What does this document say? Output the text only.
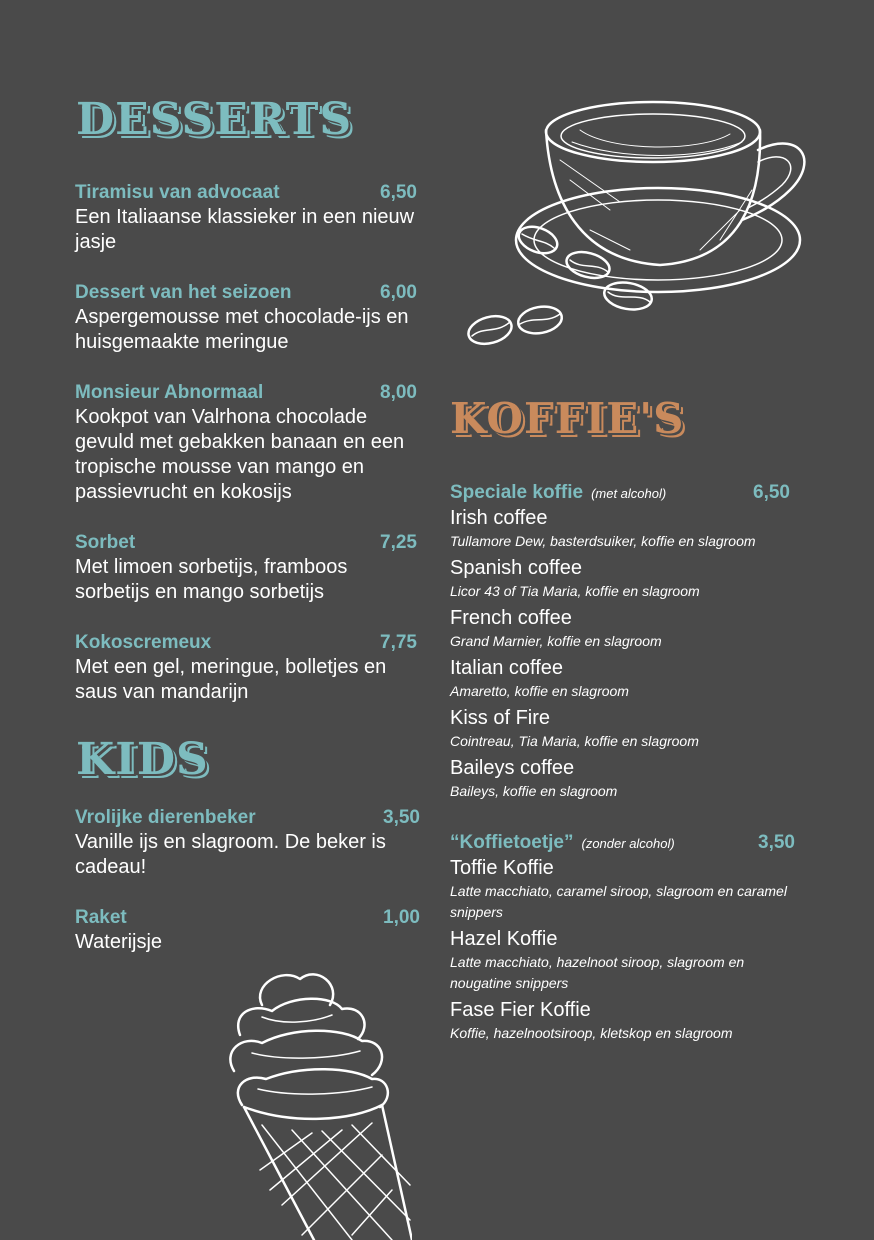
DESSERTS
Tiramisu van advocaat	6,50
Een Italiaanse klassieker in een nieuw jasje
Dessert van het seizoen	6,00
Aspergemousse met chocolade-ijs en huisgemaakte meringue
Monsieur Abnormaal	8,00
Kookpot van Valrhona chocolade gevuld met gebakken banaan en een tropische mousse van mango en passievrucht en kokosijs
Sorbet	7,25
Met limoen sorbetijs, framboos sorbetijs en mango sorbetijs
Kokoscremeux	7,75
Met een gel, meringue, bolletjes en saus van mandarijn
KIDS
Vrolijke dierenbeker	3,50
Vanille ijs en slagroom. De beker is cadeau!
Raket	1,00
Waterijsje
KOFFIE'S
Speciale koffie (met alcohol)	6,50
Irish coffee
Tullamore Dew, basterdsuiker, koffie en slagroom
Spanish coffee
Licor 43 of Tia Maria, koffie en slagroom
French coffee
Grand Marnier, koffie en slagroom
Italian coffee
Amaretto, koffie en slagroom
Kiss of Fire
Cointreau, Tia Maria, koffie en slagroom
Baileys coffee
Baileys, koffie en slagroom
“Koffietoetje” (zonder alcohol)	3,50
Toffie Koffie
Latte macchiato, caramel siroop, slagroom en caramel snippers
Hazel Koffie
Latte macchiato, hazelnoot siroop, slagroom en nougatine snippers
Fase Fier Koffie
Koffie, hazelnootsiroop, kletskop en slagroom
